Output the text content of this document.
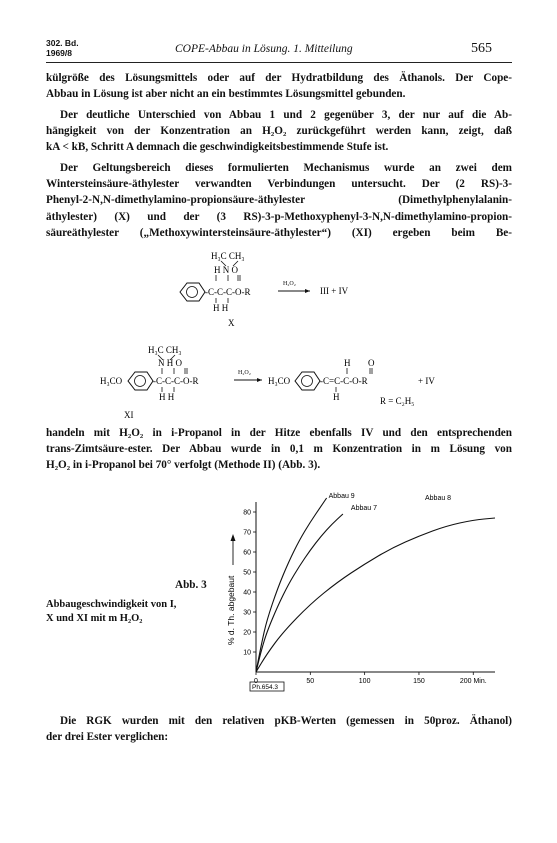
302. Bd.
1969/8	COPE-Abbau in Lösung. 1. Mitteilung	565
külgröße des Lösungsmittels oder auf der Hydratbildung des Äthanols. Der Cope-
Abbau in Lösung ist aber nicht an ein bestimmtes Lösungsmittel gebunden.
Der deutliche Unterschied von Abbau 1 und 2 gegenüber 3, der nur auf die Ab-
hängigkeit von der Konzentration an H₂O₂ zurückgeführt werden kann, zeigt, daß
kA < kB, Schritt A demnach die geschwindigkeitsbestimmende Stufe ist.
Der Geltungsbereich dieses formulierten Mechanismus wurde an zwei dem
Wintersteinsäure-äthylester verwandten Verbindungen untersucht. Der (2 RS)-3-
Phenyl-2-N,N-dimethylamino-propionsäure-äthylester (Dimethylphenylalanin-
äthylester) (X) und der (3 RS)-3-p-Methoxyphenyl-3-N,N-dimethylamino-propion-
säureäthylester („Methoxywintersteinsäure-äthylester“) (XI) ergeben beim Be-
H₃C CH₃
H N O
-C-C-C-O-R
H H
H₂O₂
III + IV
X
H₃C CH₃
N H O
H₃CO	-C-C-C-O-R
H H
H₂O₂
H₃CO
H O
-C=C-C-O-R	+ IV
H	R = C₂H₅
XI
handeln mit H₂O₂ in i-Propanol in der Hitze ebenfalls IV und den entsprechenden
trans-Zimtsäure-ester. Der Abbau wurde in 0,1 m Konzentration in m Lösung von
H₂O₂ in i-Propanol bei 70° verfolgt (Methode II) (Abb. 3).
Abb. 3
Abbaugeschwindigkeit von I,
X und XI mit m H₂O₂
0	50	100	150	200 Min.
10
20
30
40
50
60
70
80
Abbau 9
Abbau 7
Abbau 8
% d. Th. abgebaut
Ph.654.3
Die RGK wurden mit den relativen pKB-Werten (gemessen in 50proz. Äthanol)
der drei Ester verglichen:
